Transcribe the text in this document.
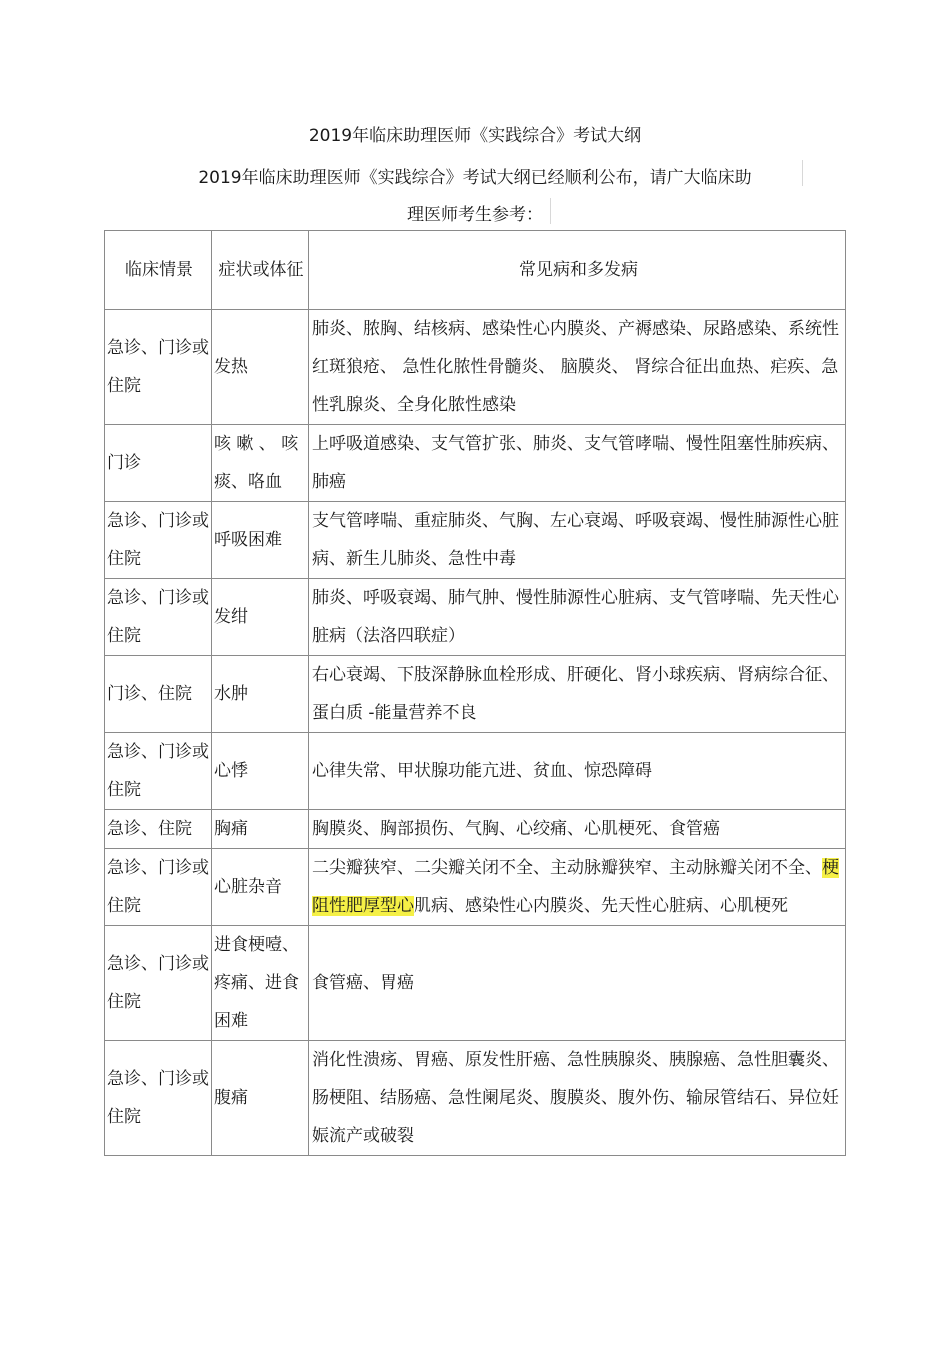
2019年临床助理医师《实践综合》考试大纲
2019年临床助理医师《实践综合》考试大纲已经顺利公布，请广大临床助
理医师考生参考：
临床情景	症状或体征	常见病和多发病
急诊、门诊或住院	发热	肺炎、脓胸、结核病、感染性心内膜炎、产褥感染、尿路感染、系统性红斑狼疮、 急性化脓性骨髓炎、 脑膜炎、 肾综合征出血热、疟疾、急性乳腺炎、全身化脓性感染
门诊	咳 嗽 、 咳痰、咯血	上呼吸道感染、支气管扩张、肺炎、支气管哮喘、慢性阻塞性肺疾病、肺癌
急诊、门诊或住院	呼吸困难	支气管哮喘、重症肺炎、气胸、左心衰竭、呼吸衰竭、慢性肺源性心脏病、新生儿肺炎、急性中毒
急诊、门诊或住院	发绀	肺炎、呼吸衰竭、肺气肿、慢性肺源性心脏病、支气管哮喘、先天性心脏病（法洛四联症）
门诊、住院	水肿	右心衰竭、下肢深静脉血栓形成、肝硬化、肾小球疾病、肾病综合征、蛋白质 -能量营养不良
急诊、门诊或住院	心悸	心律失常、甲状腺功能亢进、贫血、惊恐障碍
急诊、住院	胸痛	胸膜炎、胸部损伤、气胸、心绞痛、心肌梗死、食管癌
急诊、门诊或住院	心脏杂音	二尖瓣狭窄、二尖瓣关闭不全、主动脉瓣狭窄、主动脉瓣关闭不全、梗阻性肥厚型心肌病、感染性心内膜炎、先天性心脏病、心肌梗死
急诊、门诊或住院	进食梗噎、疼痛、进食困难	食管癌、胃癌
急诊、门诊或住院	腹痛	消化性溃疡、胃癌、原发性肝癌、急性胰腺炎、胰腺癌、急性胆囊炎、肠梗阻、结肠癌、急性阑尾炎、腹膜炎、腹外伤、输尿管结石、异位妊娠流产或破裂
